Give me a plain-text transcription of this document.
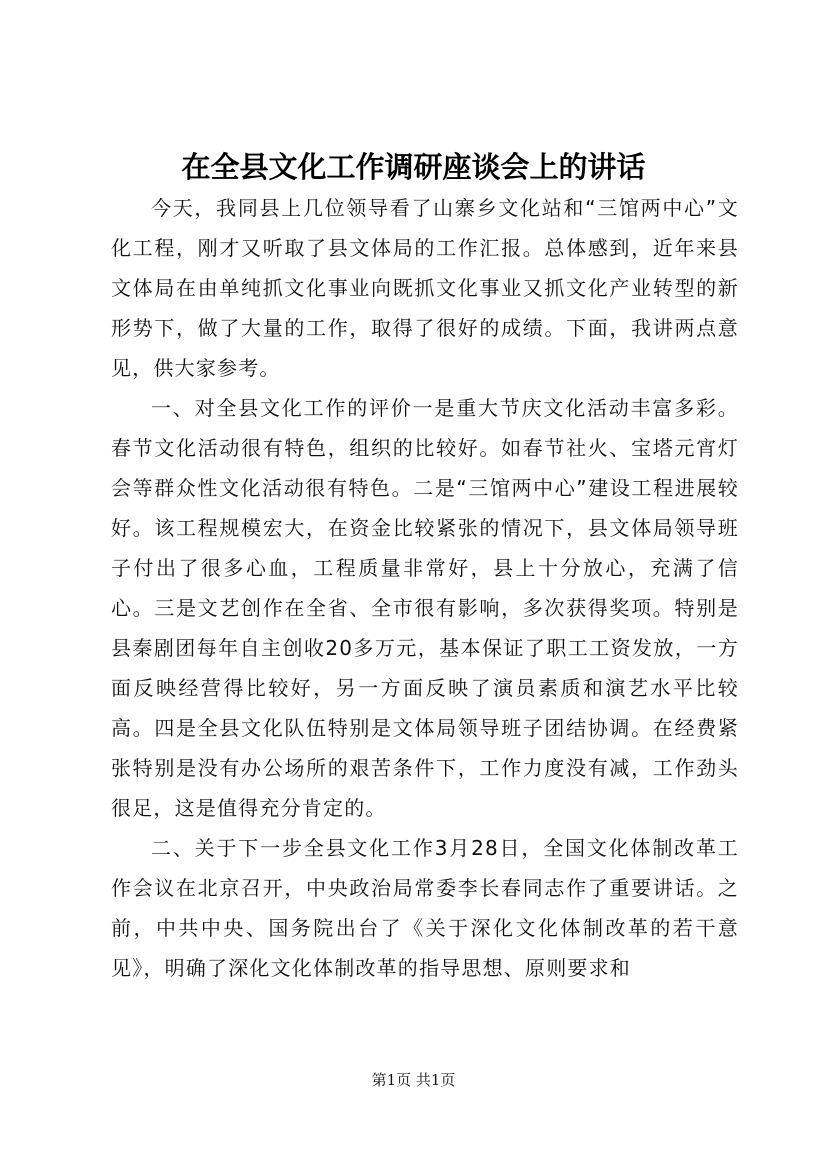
在全县文化工作调研座谈会上的讲话

今天，我同县上几位领导看了山寨乡文化站和“三馆两中心”文化工程，刚才又听取了县文体局的工作汇报。总体感到，近年来县文体局在由单纯抓文化事业向既抓文化事业又抓文化产业转型的新形势下，做了大量的工作，取得了很好的成绩。下面，我讲两点意见，供大家参考。

一、对全县文化工作的评价一是重大节庆文化活动丰富多彩。春节文化活动很有特色，组织的比较好。如春节社火、宝塔元宵灯会等群众性文化活动很有特色。二是“三馆两中心”建设工程进展较好。该工程规模宏大，在资金比较紧张的情况下，县文体局领导班子付出了很多心血，工程质量非常好，县上十分放心，充满了信心。三是文艺创作在全省、全市很有影响，多次获得奖项。特别是县秦剧团每年自主创收20多万元，基本保证了职工工资发放，一方面反映经营得比较好，另一方面反映了演员素质和演艺水平比较高。四是全县文化队伍特别是文体局领导班子团结协调。在经费紧张特别是没有办公场所的艰苦条件下，工作力度没有减，工作劲头很足，这是值得充分肯定的。

二、关于下一步全县文化工作3月28日，全国文化体制改革工作会议在北京召开，中央政治局常委李长春同志作了重要讲话。之前，中共中央、国务院出台了《关于深化文化体制改革的若干意见》，明确了深化文化体制改革的指导思想、原则要求和

第1页 共1页
